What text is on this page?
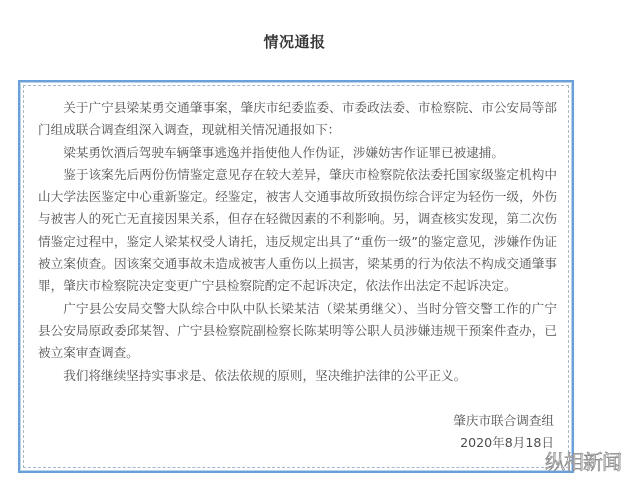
情况通报

关于广宁县梁某勇交通肇事案，肇庆市纪委监委、市委政法委、市检察院、市公安局等部门组成联合调查组深入调查，现就相关情况通报如下：

梁某勇饮酒后驾驶车辆肇事逃逸并指使他人作伪证，涉嫌妨害作证罪已被逮捕。

鉴于该案先后两份伤情鉴定意见存在较大差异，肇庆市检察院依法委托国家级鉴定机构中山大学法医鉴定中心重新鉴定。经鉴定，被害人交通事故所致损伤综合评定为轻伤一级，外伤与被害人的死亡无直接因果关系，但存在轻微因素的不利影响。另，调查核实发现，第二次伤情鉴定过程中，鉴定人梁某权受人请托，违反规定出具了“重伤一级”的鉴定意见，涉嫌作伪证被立案侦查。因该案交通事故未造成被害人重伤以上损害，梁某勇的行为依法不构成交通肇事罪，肇庆市检察院决定变更广宁县检察院酌定不起诉决定，依法作出法定不起诉决定。

广宁县公安局交警大队综合中队中队长梁某洁（梁某勇继父）、当时分管交警工作的广宁县公安局原政委邱某智、广宁县检察院副检察长陈某明等公职人员涉嫌违规干预案件查办，已被立案审查调查。

我们将继续坚持实事求是、依法依规的原则，坚决维护法律的公平正义。

肇庆市联合调查组
2020年8月18日
纵相新闻
